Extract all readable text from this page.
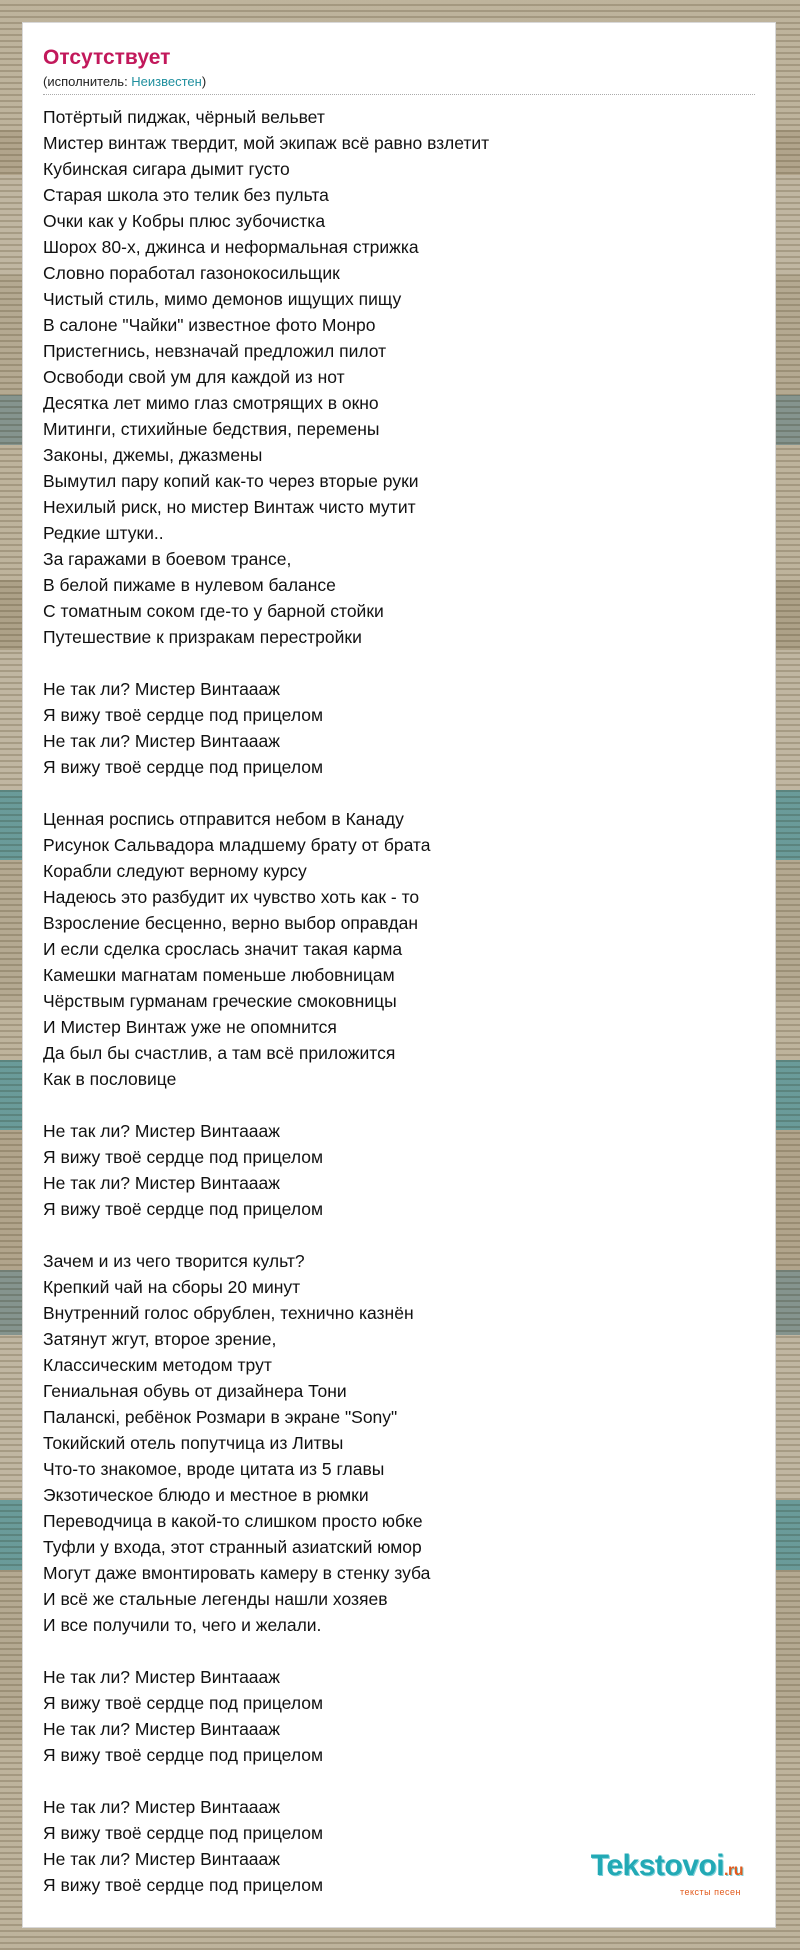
Отсутствует
(исполнитель: Неизвестен)
Потёртый пиджак, чёрный вельвет
Мистер винтаж твердит, мой экипаж всё равно взлетит
Кубинская сигара дымит густо
Старая школа это телик без пульта
Очки как у Кобры плюс зубочистка
Шорох 80-х, джинса и неформальная стрижка
Словно поработал газонокосильщик
Чистый стиль, мимо демонов ищущих пищу
В салоне "Чайки" известное фото Монро
Пристегнись, невзначай предложил пилот
Освободи свой ум для каждой из нот
Десятка лет мимо глаз смотрящих в окно
Митинги, стихийные бедствия, перемены
Законы, джемы, джазмены
Вымутил пару копий как-то через вторые руки
Нехилый риск, но мистер Винтаж чисто мутит
Редкие штуки..
За гаражами в боевом трансе,
В белой пижаме в нулевом балансе
С томатным соком где-то у барной стойки
Путешествие к призракам перестройки
Не так ли? Мистер Винтаааж
Я вижу твоё сердце под прицелом
Не так ли? Мистер Винтаааж
Я вижу твоё сердце под прицелом
Ценная роспись отправится небом в Канаду
Рисунок Сальвадора младшему брату от брата
Корабли следуют верному курсу
Надеюсь это разбудит их чувство хоть как - то
Взросление бесценно, верно выбор оправдан
И если сделка срослась значит такая карма
Камешки магнатам поменьше любовницам
Чёрствым гурманам греческие смоковницы
И Мистер Винтаж уже не опомнится
Да был бы счастлив, а там всё приложится
Как в пословице
Не так ли? Мистер Винтаааж
Я вижу твоё сердце под прицелом
Не так ли? Мистер Винтаааж
Я вижу твоё сердце под прицелом
Зачем и из чего творится культ?
Крепкий чай на сборы 20 минут
Внутренний голос обрублен, технично казнён
Затянут жгут, второе зрение,
Классическим методом трут
Гениальная обувь от дизайнера Тони
Паланскi, ребёнок Розмари в экране "Sony"
Токийский отель попутчица из Литвы
Что-то знакомое, вроде цитата из 5 главы
Экзотическое блюдо и местное в рюмки
Переводчица в какой-то слишком просто юбке
Туфли у входа, этот странный азиатский юмор
Могут даже вмонтировать камеру в стенку зуба
И всё же стальные легенды нашли хозяев
И все получили то, чего и желали.
Не так ли? Мистер Винтаааж
Я вижу твоё сердце под прицелом
Не так ли? Мистер Винтаааж
Я вижу твоё сердце под прицелом
Не так ли? Мистер Винтаааж
Я вижу твоё сердце под прицелом
Не так ли? Мистер Винтаааж
Я вижу твоё сердце под прицелом
Tekstovoi.ru
тексты песен
